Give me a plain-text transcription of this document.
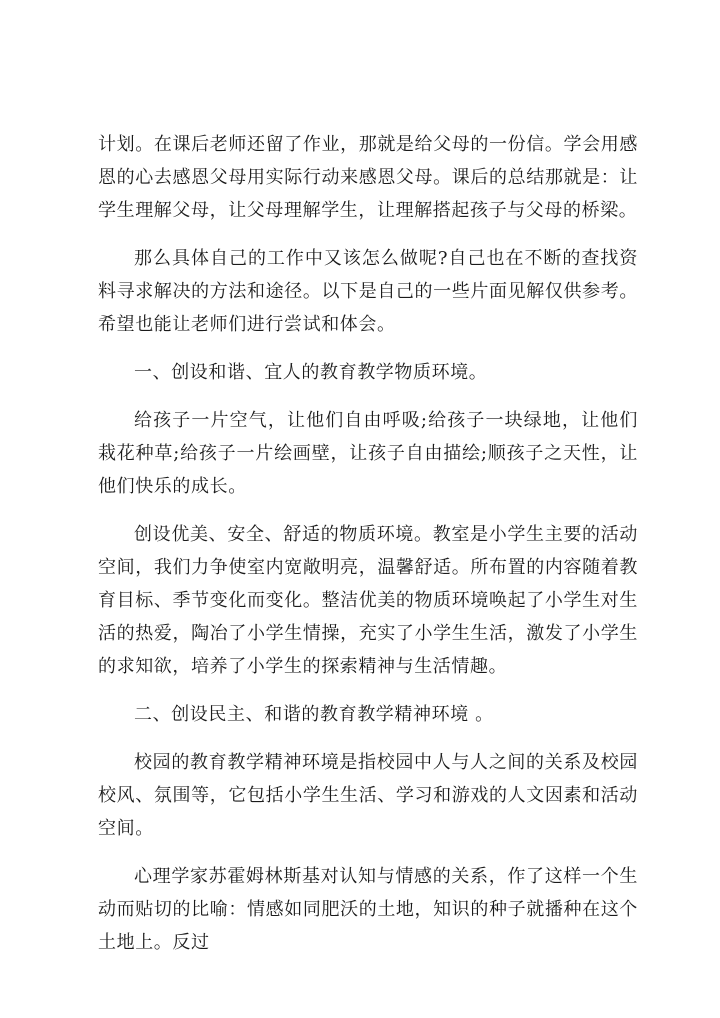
计划。在课后老师还留了作业，那就是给父母的一份信。学会用感恩的心去感恩父母用实际行动来感恩父母。课后的总结那就是：让学生理解父母，让父母理解学生，让理解搭起孩子与父母的桥梁。

那么具体自己的工作中又该怎么做呢?自己也在不断的查找资料寻求解决的方法和途径。以下是自己的一些片面见解仅供参考。希望也能让老师们进行尝试和体会。

一、创设和谐、宜人的教育教学物质环境。

给孩子一片空气，让他们自由呼吸;给孩子一块绿地，让他们栽花种草;给孩子一片绘画壁，让孩子自由描绘;顺孩子之天性，让他们快乐的成长。

创设优美、安全、舒适的物质环境。教室是小学生主要的活动空间，我们力争使室内宽敞明亮，温馨舒适。所布置的内容随着教育目标、季节变化而变化。整洁优美的物质环境唤起了小学生对生活的热爱，陶冶了小学生情操，充实了小学生生活，激发了小学生的求知欲，培养了小学生的探索精神与生活情趣。

二、创设民主、和谐的教育教学精神环境 。

校园的教育教学精神环境是指校园中人与人之间的关系及校园校风、氛围等，它包括小学生生活、学习和游戏的人文因素和活动空间。

心理学家苏霍姆林斯基对认知与情感的关系，作了这样一个生动而贴切的比喻：情感如同肥沃的土地，知识的种子就播种在这个土地上。反过
